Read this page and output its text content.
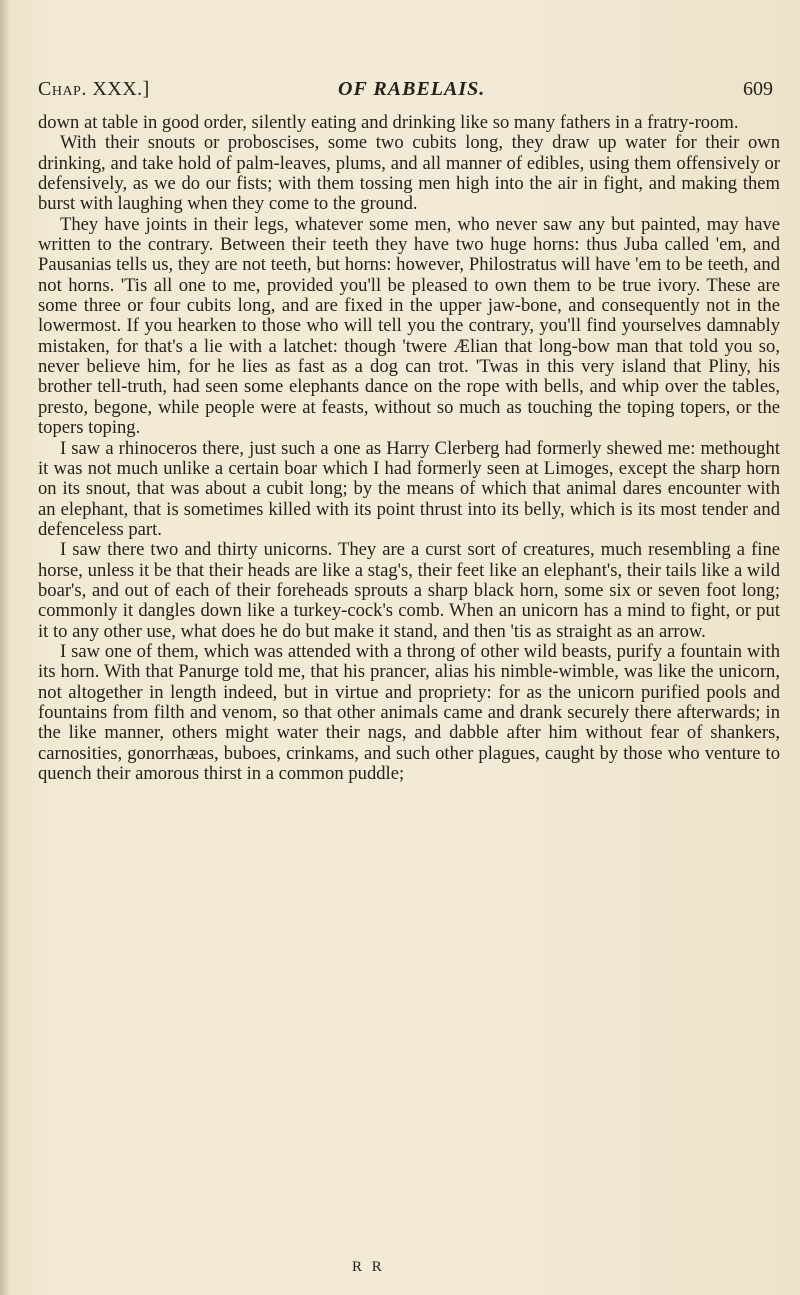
Chap. XXX.]	OF RABELAIS.	609

down at table in good order, silently eating and drinking like so many fathers in a fratry-room.

With their snouts or proboscises, some two cubits long, they draw up water for their own drinking, and take hold of palm-leaves, plums, and all manner of edibles, using them offensively or defensively, as we do our fists; with them tossing men high into the air in fight, and making them burst with laughing when they come to the ground.

They have joints in their legs, whatever some men, who never saw any but painted, may have written to the contrary. Between their teeth they have two huge horns: thus Juba called 'em, and Pausanias tells us, they are not teeth, but horns: however, Philostratus will have 'em to be teeth, and not horns. 'Tis all one to me, provided you'll be pleased to own them to be true ivory. These are some three or four cubits long, and are fixed in the upper jaw-bone, and consequently not in the lowermost. If you hearken to those who will tell you the contrary, you'll find yourselves damnably mistaken, for that's a lie with a latchet: though 'twere Ælian that long-bow man that told you so, never believe him, for he lies as fast as a dog can trot. 'Twas in this very island that Pliny, his brother tell-truth, had seen some elephants dance on the rope with bells, and whip over the tables, presto, begone, while people were at feasts, without so much as touching the toping topers, or the topers toping.

I saw a rhinoceros there, just such a one as Harry Clerberg had formerly shewed me: methought it was not much unlike a certain boar which I had formerly seen at Limoges, except the sharp horn on its snout, that was about a cubit long; by the means of which that animal dares encounter with an elephant, that is sometimes killed with its point thrust into its belly, which is its most tender and defenceless part.

I saw there two and thirty unicorns. They are a curst sort of creatures, much resembling a fine horse, unless it be that their heads are like a stag's, their feet like an elephant's, their tails like a wild boar's, and out of each of their foreheads sprouts a sharp black horn, some six or seven foot long; commonly it dangles down like a turkey-cock's comb. When an unicorn has a mind to fight, or put it to any other use, what does he do but make it stand, and then 'tis as straight as an arrow.

I saw one of them, which was attended with a throng of other wild beasts, purify a fountain with its horn. With that Panurge told me, that his prancer, alias his nimble-wimble, was like the unicorn, not altogether in length indeed, but in virtue and propriety: for as the unicorn purified pools and fountains from filth and venom, so that other animals came and drank securely there afterwards; in the like manner, others might water their nags, and dabble after him without fear of shankers, carnosities, gonorrhæas, buboes, crinkams, and such other plagues, caught by those who venture to quench their amorous thirst in a common puddle;

R R
